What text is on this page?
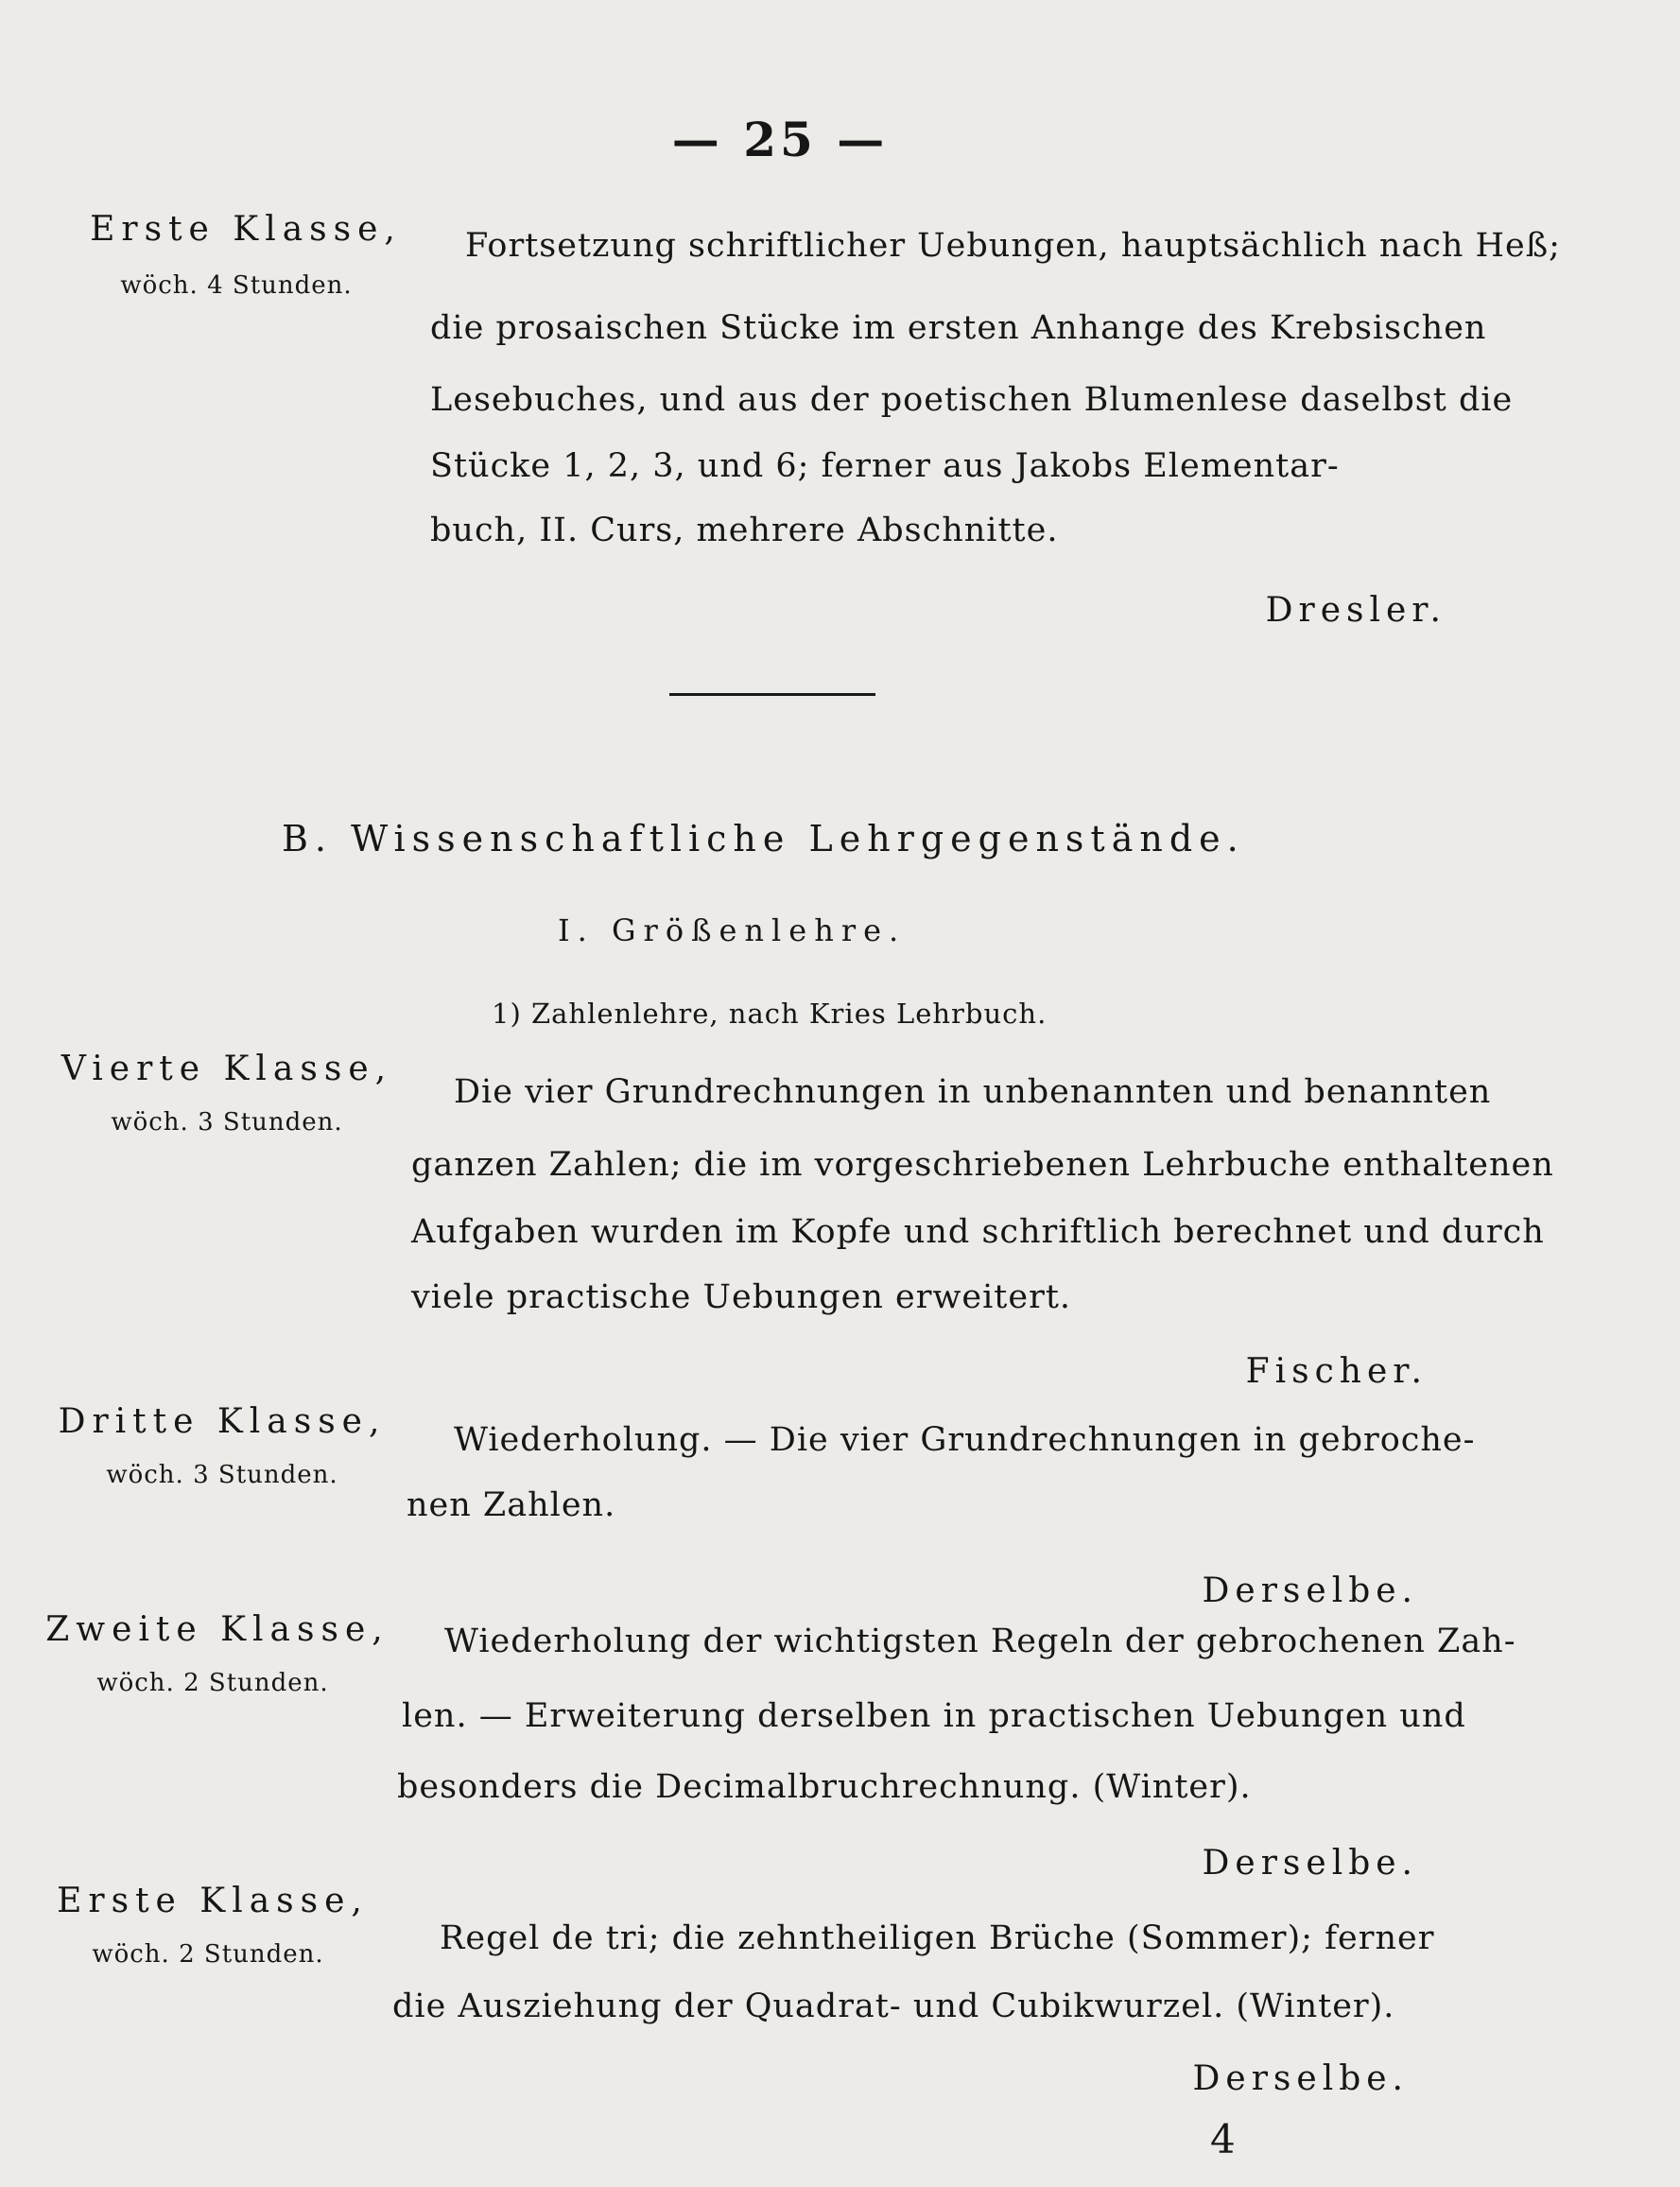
— 25 —
Erste Klasse,
wöch. 4 Stunden.
Fortsetzung schriftlicher Uebungen, hauptsächlich nach Heß;
die prosaischen Stücke im ersten Anhange des Krebsischen
Lesebuches, und aus der poetischen Blumenlese daselbst die
Stücke 1, 2, 3, und 6; ferner aus Jakobs Elementar-
buch, II. Curs, mehrere Abschnitte.
Dresler.
B. Wissenschaftliche Lehrgegenstände.
I. Größenlehre.
1) Zahlenlehre, nach Kries Lehrbuch.
Vierte Klasse,
wöch. 3 Stunden.
Die vier Grundrechnungen in unbenannten und benannten
ganzen Zahlen; die im vorgeschriebenen Lehrbuche enthaltenen
Aufgaben wurden im Kopfe und schriftlich berechnet und durch
viele practische Uebungen erweitert.
Fischer.
Dritte Klasse,
wöch. 3 Stunden.
Wiederholung. — Die vier Grundrechnungen in gebroche-
nen Zahlen.
Derselbe.
Zweite Klasse,
wöch. 2 Stunden.
Wiederholung der wichtigsten Regeln der gebrochenen Zah-
len. — Erweiterung derselben in practischen Uebungen und
besonders die Decimalbruchrechnung. (Winter).
Derselbe.
Erste Klasse,
wöch. 2 Stunden.	Regel de tri; die zehntheiligen Brüche (Sommer); ferner
die Ausziehung der Quadrat- und Cubikwurzel. (Winter).
Derselbe.
4
